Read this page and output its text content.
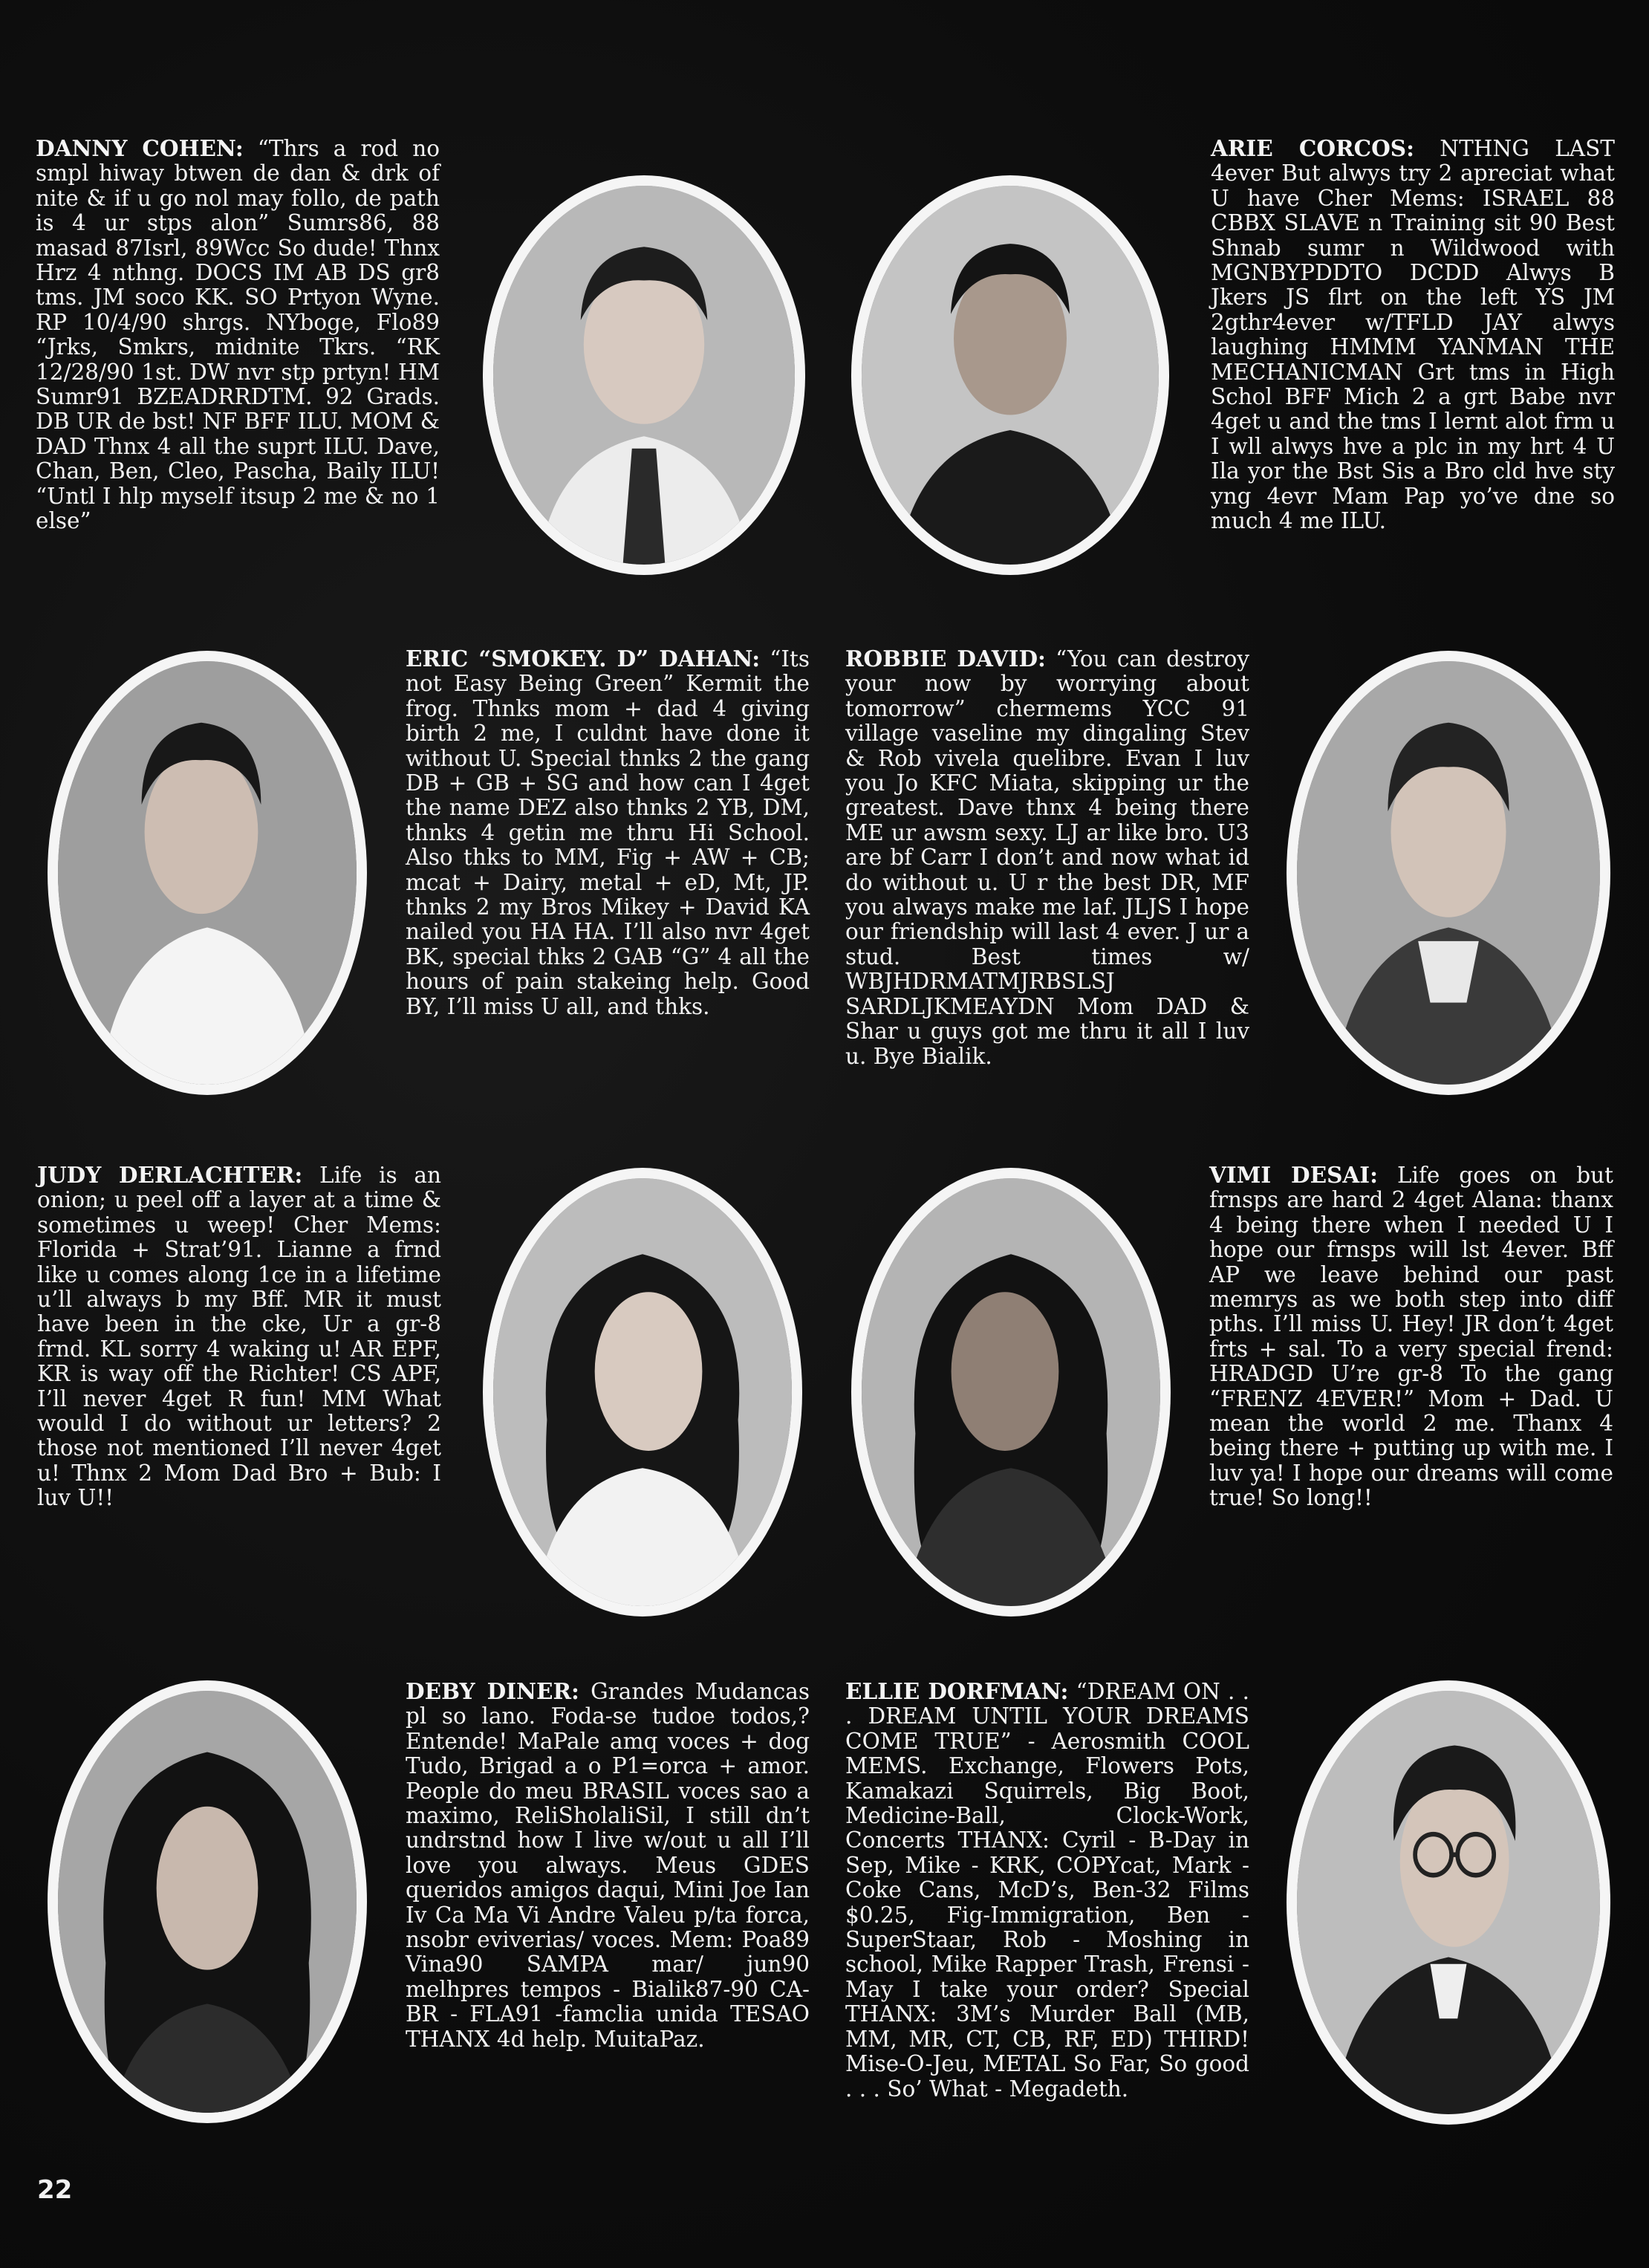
DANNY COHEN: “Thrs a rod no smpl hiway btwen de dan & drk of nite & if u go nol may follo, de path is 4 ur stps alon” Sumrs86, 88 masad 87Isrl, 89Wcc So dude! Thnx Hrz 4 nthng. DOCS IM AB DS gr8 tms. JM soco KK. SO Prtyon Wyne. RP 10/4/90 shrgs. NYboge, Flo89 “Jrks, Smkrs, midnite Tkrs. “RK 12/28/90 1st. DW nvr stp prtyn! HM Sumr91 BZEADRRDTM. 92 Grads. DB UR de bst! NF BFF ILU. MOM & DAD Thnx 4 all the suprt ILU. Dave, Chan, Ben, Cleo, Pascha, Baily ILU! “Untl I hlp myself itsup 2 me & no 1 else”
ARIE CORCOS: NTHNG LAST 4ever But alwys try 2 apreciat what U have Cher Mems: ISRAEL 88 CBBX SLAVE n Training sit 90 Best Shnab sumr n Wildwood with MGNBYPDDTO DCDD Alwys B Jkers JS flrt on the left YS JM 2gthr4ever w/TFLD JAY alwys laughing HMMM YANMAN THE MECHANICMAN Grt tms in High Schol BFF Mich 2 a grt Babe nvr 4get u and the tms I lernt alot frm u I wll alwys hve a plc in my hrt 4 U Ila yor the Bst Sis a Bro cld hve sty yng 4evr Mam Pap yo’ve dne so much 4 me ILU.
ERIC “SMOKEY. D” DAHAN: “Its not Easy Being Green” Kermit the frog. Thnks mom + dad 4 giving birth 2 me, I culdnt have done it without U. Special thnks 2 the gang DB + GB + SG and how can I 4get the name DEZ also thnks 2 YB, DM, thnks 4 getin me thru Hi School. Also thks to MM, Fig + AW + CB; mcat + Dairy, metal + eD, Mt, JP. thnks 2 my Bros Mikey + David KA nailed you HA HA. I’ll also nvr 4get BK, special thks 2 GAB “G” 4 all the hours of pain stakeing help. Good BY, I’ll miss U all, and thks.
ROBBIE DAVID: “You can destroy your now by worrying about tomorrow” chermems YCC 91 village vaseline my dingaling Stev & Rob vivela quelibre. Evan I luv you Jo KFC Miata, skipping ur the greatest. Dave thnx 4 being there ME ur awsm sexy. LJ ar like bro. U3 are bf Carr I don’t and now what id do without u. U r the best DR, MF you always make me laf. JLJS I hope our friendship will last 4 ever. J ur a stud. Best times w/ WBJHDRMATMJRBSLSJ SARDLJKMEAYDN Mom DAD & Shar u guys got me thru it all I luv u. Bye Bialik.
JUDY DERLACHTER: Life is an onion; u peel off a layer at a time & sometimes u weep! Cher Mems: Florida + Strat’91. Lianne a frnd like u comes along 1ce in a lifetime u’ll always b my Bff. MR it must have been in the cke, Ur a gr-8 frnd. KL sorry 4 waking u! AR EPF, KR is way off the Richter! CS APF, I’ll never 4get R fun! MM What would I do without ur letters? 2 those not mentioned I’ll never 4get u! Thnx 2 Mom Dad Bro + Bub: I luv U!!
VIMI DESAI: Life goes on but frnsps are hard 2 4get Alana: thanx 4 being there when I needed U I hope our frnsps will lst 4ever. Bff AP we leave behind our past memrys as we both step into diff pths. I’ll miss U. Hey! JR don’t 4get frts + sal. To a very special frend: HRADGD U’re gr-8 To the gang “FRENZ 4EVER!” Mom + Dad. U mean the world 2 me. Thanx 4 being there + putting up with me. I luv ya! I hope our dreams will come true! So long!!
DEBY DINER: Grandes Mudancas pl so lano. Foda-se tudoe todos,? Entende! MaPale amq voces + dog Tudo, Brigad a o P1=orca + amor. People do meu BRASIL voces sao a maximo, ReliSholaliSil, I still dn’t undrstnd how I live w/out u all I’ll love you always. Meus GDES queridos amigos daqui, Mini Joe Ian Iv Ca Ma Vi Andre Valeu p/ta forca, nsobr eviverias/ voces. Mem: Poa89 Vina90 SAMPA mar/ jun90 melhpres tempos - Bialik87-90 CA-BR - FLA91 -famclia unida TESAO THANX 4d help. MuitaPaz.
ELLIE DORFMAN: “DREAM ON . . . DREAM UNTIL YOUR DREAMS COME TRUE” - Aerosmith COOL MEMS. Exchange, Flowers Pots, Kamakazi Squirrels, Big Boot, Medicine-Ball, Clock-Work, Concerts THANX: Cyril - B-Day in Sep, Mike - KRK, COPYcat, Mark - Coke Cans, McD’s, Ben-32 Films $0.25, Fig-Immigration, Ben - SuperStaar, Rob - Moshing in school, Mike Rapper Trash, Frensi - May I take your order? Special THANX: 3M’s Murder Ball (MB, MM, MR, CT, CB, RF, ED) THIRD! Mise-O-Jeu, METAL So Far, So good . . . So’ What - Megadeth.
22
